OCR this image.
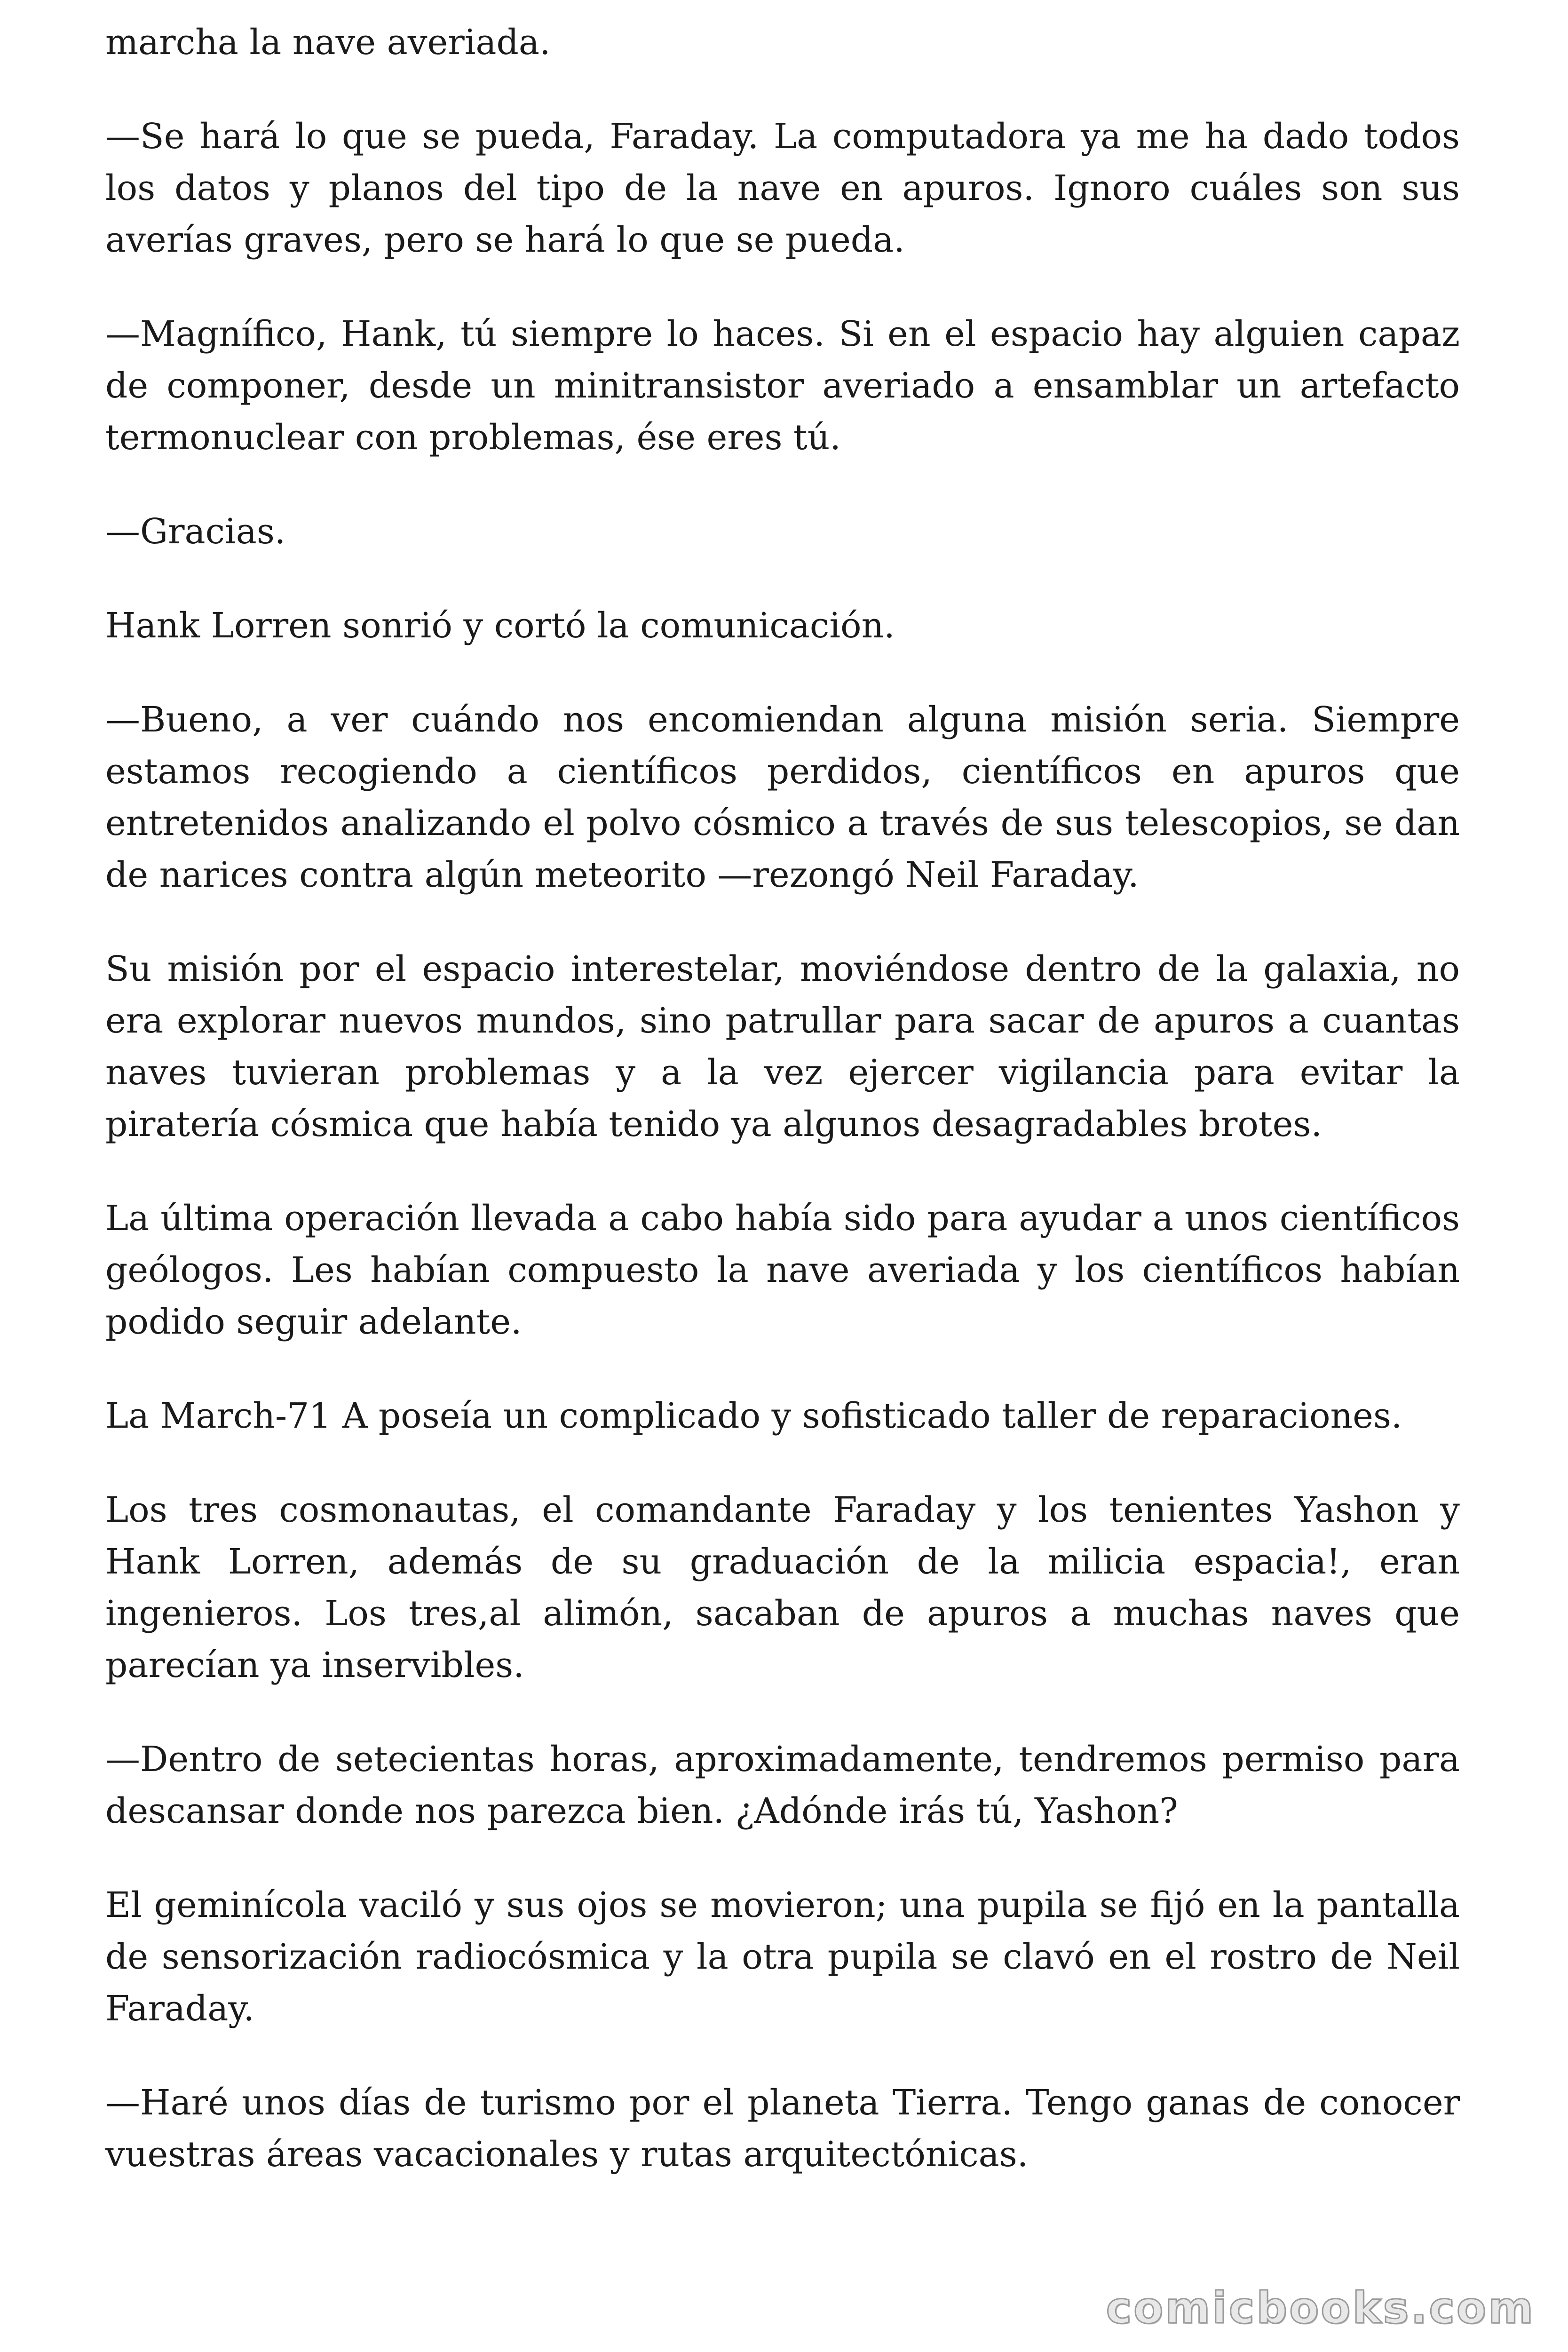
marcha la nave averiada.

—Se hará lo que se pueda, Faraday. La computadora ya me ha dado todos los datos y planos del tipo de la nave en apuros. Ignoro cuáles son sus averías graves, pero se hará lo que se pueda.

—Magnífico, Hank, tú siempre lo haces. Si en el espacio hay alguien capaz de componer, desde un minitransistor averiado a ensamblar un artefacto termonuclear con problemas, ése eres tú.

—Gracias.

Hank Lorren sonrió y cortó la comunicación.

—Bueno, a ver cuándo nos encomiendan alguna misión seria. Siempre estamos recogiendo a científicos perdidos, científicos en apuros que entretenidos analizando el polvo cósmico a través de sus telescopios, se dan de narices contra algún meteorito —rezongó Neil Faraday.

Su misión por el espacio interestelar, moviéndose dentro de la galaxia, no era explorar nuevos mundos, sino patrullar para sacar de apuros a cuantas naves tuvieran problemas y a la vez ejercer vigilancia para evitar la piratería cósmica que había tenido ya algunos desagradables brotes.

La última operación llevada a cabo había sido para ayudar a unos científicos geólogos. Les habían compuesto la nave averiada y los científicos habían podido seguir adelante.

La March-71 A poseía un complicado y sofisticado taller de reparaciones.

Los tres cosmonautas, el comandante Faraday y los tenientes Yashon y Hank Lorren, además de su graduación de la milicia espacia!, eran ingenieros. Los tres,al alimón, sacaban de apuros a muchas naves que parecían ya inservibles.

—Dentro de setecientas horas, aproximadamente, tendremos permiso para descansar donde nos parezca bien. ¿Adónde irás tú, Yashon?

El geminícola vaciló y sus ojos se movieron; una pupila se fijó en la pantalla de sensorización radiocósmica y la otra pupila se clavó en el rostro de Neil Faraday.

—Haré unos días de turismo por el planeta Tierra. Tengo ganas de conocer vuestras áreas vacacionales y rutas arquitectónicas.

comicbooks.com
